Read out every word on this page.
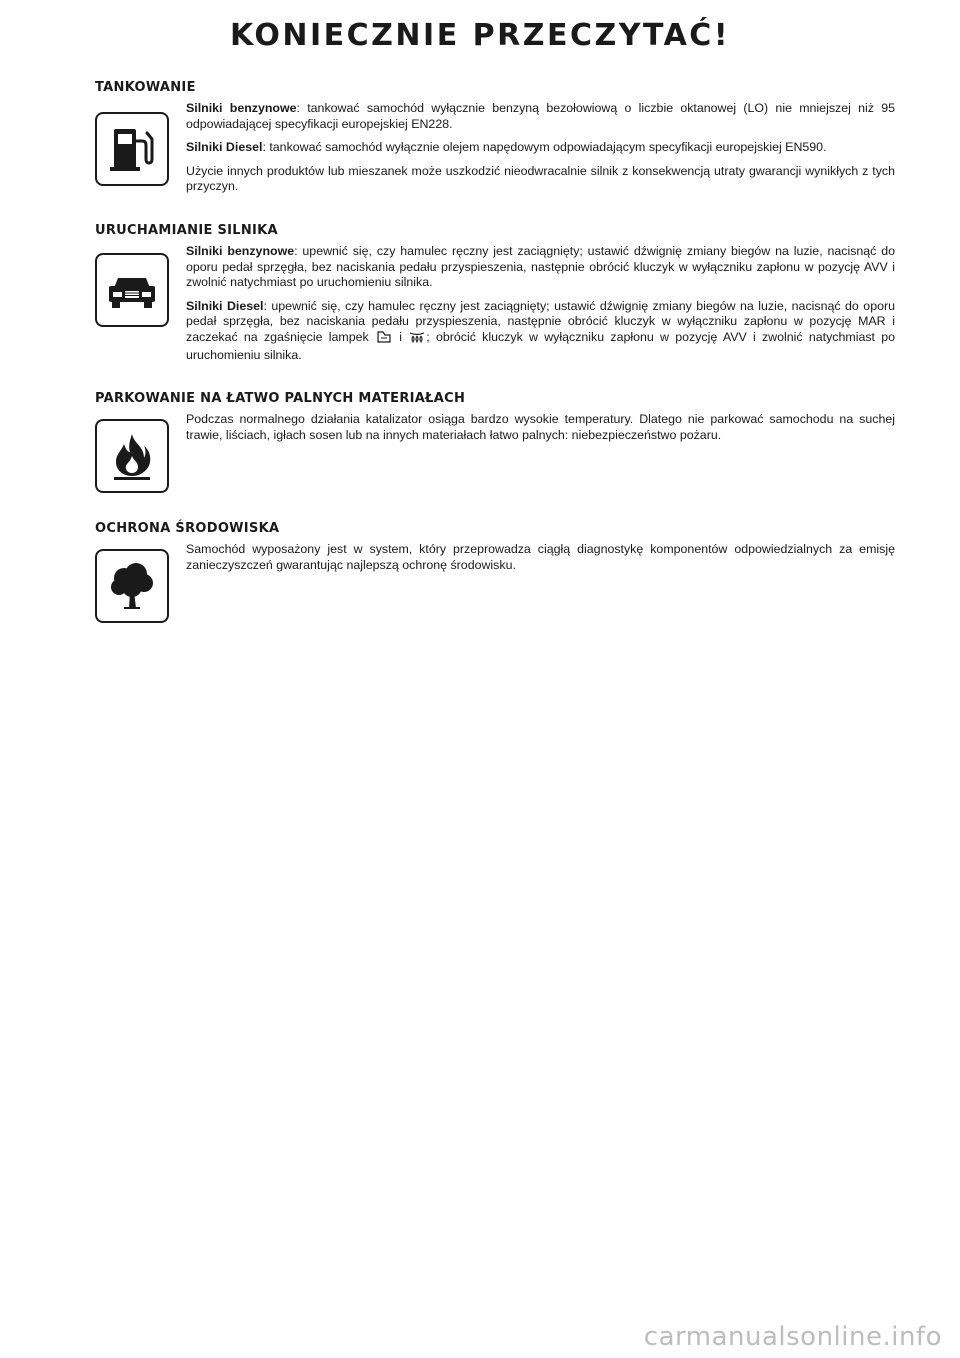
KONIECZNIE PRZECZYTAĆ!
TANKOWANIE

Silniki benzynowe: tankować samochód wyłącznie benzyną bezołowiową o liczbie oktanowej (LO) nie mniejszej niż 95 odpowiadającej specyfikacji europejskiej EN228.

Silniki Diesel: tankować samochód wyłącznie olejem napędowym odpowiadającym specyfikacji europejskiej EN590.

Użycie innych produktów lub mieszanek może uszkodzić nieodwracalnie silnik z konsekwencją utraty gwarancji wynikłych z tych przyczyn.

URUCHAMIANIE SILNIKA

Silniki benzynowe: upewnić się, czy hamulec ręczny jest zaciągnięty; ustawić dźwignię zmiany biegów na luzie, nacisnąć do oporu pedał sprzęgła, bez naciskania pedału przyspieszenia, następnie obrócić kluczyk w wyłączniku zapłonu w pozycję AVV i zwolnić natychmiast po uruchomieniu silnika.

Silniki Diesel: upewnić się, czy hamulec ręczny jest zaciągnięty; ustawić dźwignię zmiany biegów na luzie, nacisnąć do oporu pedał sprzęgła, bez naciskania pedału przyspieszenia, następnie obrócić kluczyk w wyłączniku zapłonu w pozycję MAR i zaczekać na zgaśnięcie lampek  i ; obrócić kluczyk w wyłączniku zapłonu w pozycję AVV i zwolnić natychmiast po uruchomieniu silnika.

PARKOWANIE NA ŁATWO PALNYCH MATERIAŁACH

Podczas normalnego działania katalizator osiąga bardzo wysokie temperatury. Dlatego nie parkować samochodu na suchej trawie, liściach, igłach sosen lub na innych materiałach łatwo palnych: niebezpieczeństwo pożaru.

OCHRONA ŚRODOWISKA

Samochód wyposażony jest w system, który przeprowadza ciągłą diagnostykę komponentów odpowiedzialnych za emisję zanieczyszczeń gwarantując najlepszą ochronę środowisku.

carmanualsonline.info
